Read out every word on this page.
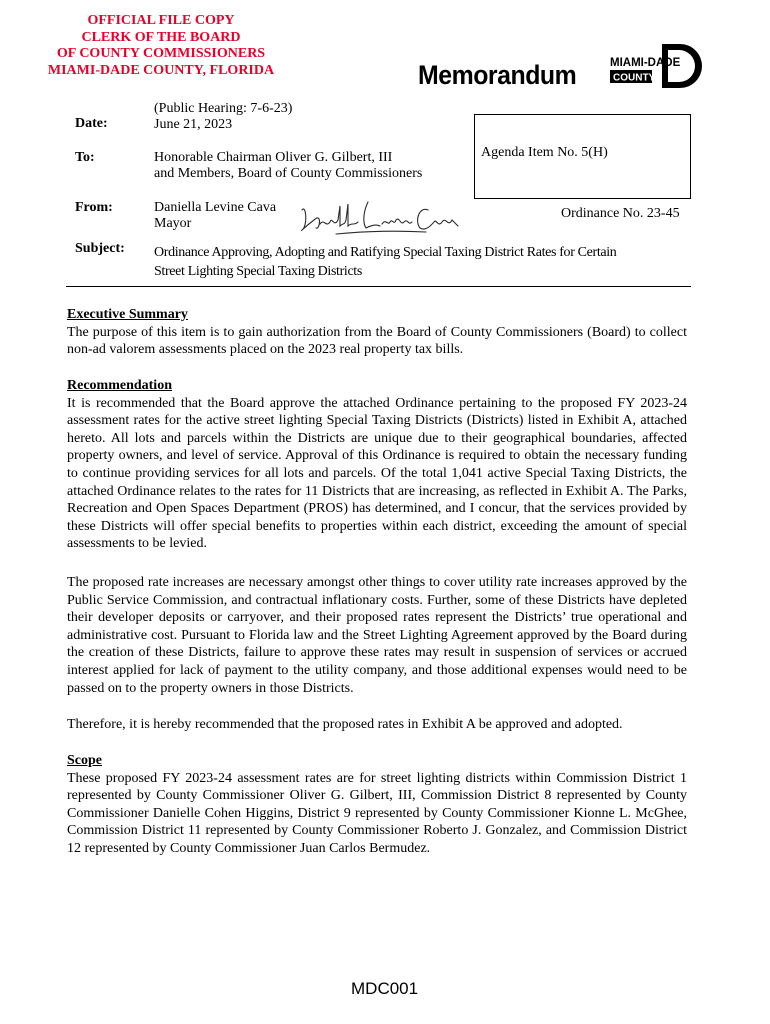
OFFICIAL FILE COPY
CLERK OF THE BOARD
OF COUNTY COMMISSIONERS
MIAMI-DADE COUNTY, FLORIDA	Memorandum	MIAMI-DADE
COUNTY
Date:
(Public Hearing: 7-6-23)
June 21, 2023
To:	Honorable Chairman Oliver G. Gilbert, III
and Members, Board of County Commissioners
From:	Daniella Levine Cava
Mayor
Subject: Ordinance Approving, Adopting and Ratifying Special Taxing District Rates for Certain
Street Lighting Special Taxing Districts
Agenda Item No. 5(H)
Ordinance No. 23-45
Executive Summary

The purpose of this item is to gain authorization from the Board of County Commissioners (Board) to collect non-ad valorem assessments placed on the 2023 real property tax bills.

Recommendation

It is recommended that the Board approve the attached Ordinance pertaining to the proposed FY 2023-24 assessment rates for the active street lighting Special Taxing Districts (Districts) listed in Exhibit A, attached hereto. All lots and parcels within the Districts are unique due to their geographical boundaries, affected property owners, and level of service. Approval of this Ordinance is required to obtain the necessary funding to continue providing services for all lots and parcels. Of the total 1,041 active Special Taxing Districts, the attached Ordinance relates to the rates for 11 Districts that are increasing, as reflected in Exhibit A. The Parks, Recreation and Open Spaces Department (PROS) has determined, and I concur, that the services provided by these Districts will offer special benefits to properties within each district, exceeding the amount of special assessments to be levied.

The proposed rate increases are necessary amongst other things to cover utility rate increases approved by the Public Service Commission, and contractual inflationary costs. Further, some of these Districts have depleted their developer deposits or carryover, and their proposed rates represent the Districts’ true operational and administrative cost. Pursuant to Florida law and the Street Lighting Agreement approved by the Board during the creation of these Districts, failure to approve these rates may result in suspension of services or accrued interest applied for lack of payment to the utility company, and those additional expenses would need to be passed on to the property owners in those Districts.

Therefore, it is hereby recommended that the proposed rates in Exhibit A be approved and adopted.

Scope

These proposed FY 2023-24 assessment rates are for street lighting districts within Commission District 1 represented by County Commissioner Oliver G. Gilbert, III, Commission District 8 represented by County Commissioner Danielle Cohen Higgins, District 9 represented by County Commissioner Kionne L. McGhee, Commission District 11 represented by County Commissioner Roberto J. Gonzalez, and Commission District 12 represented by County Commissioner Juan Carlos Bermudez.

MDC001
